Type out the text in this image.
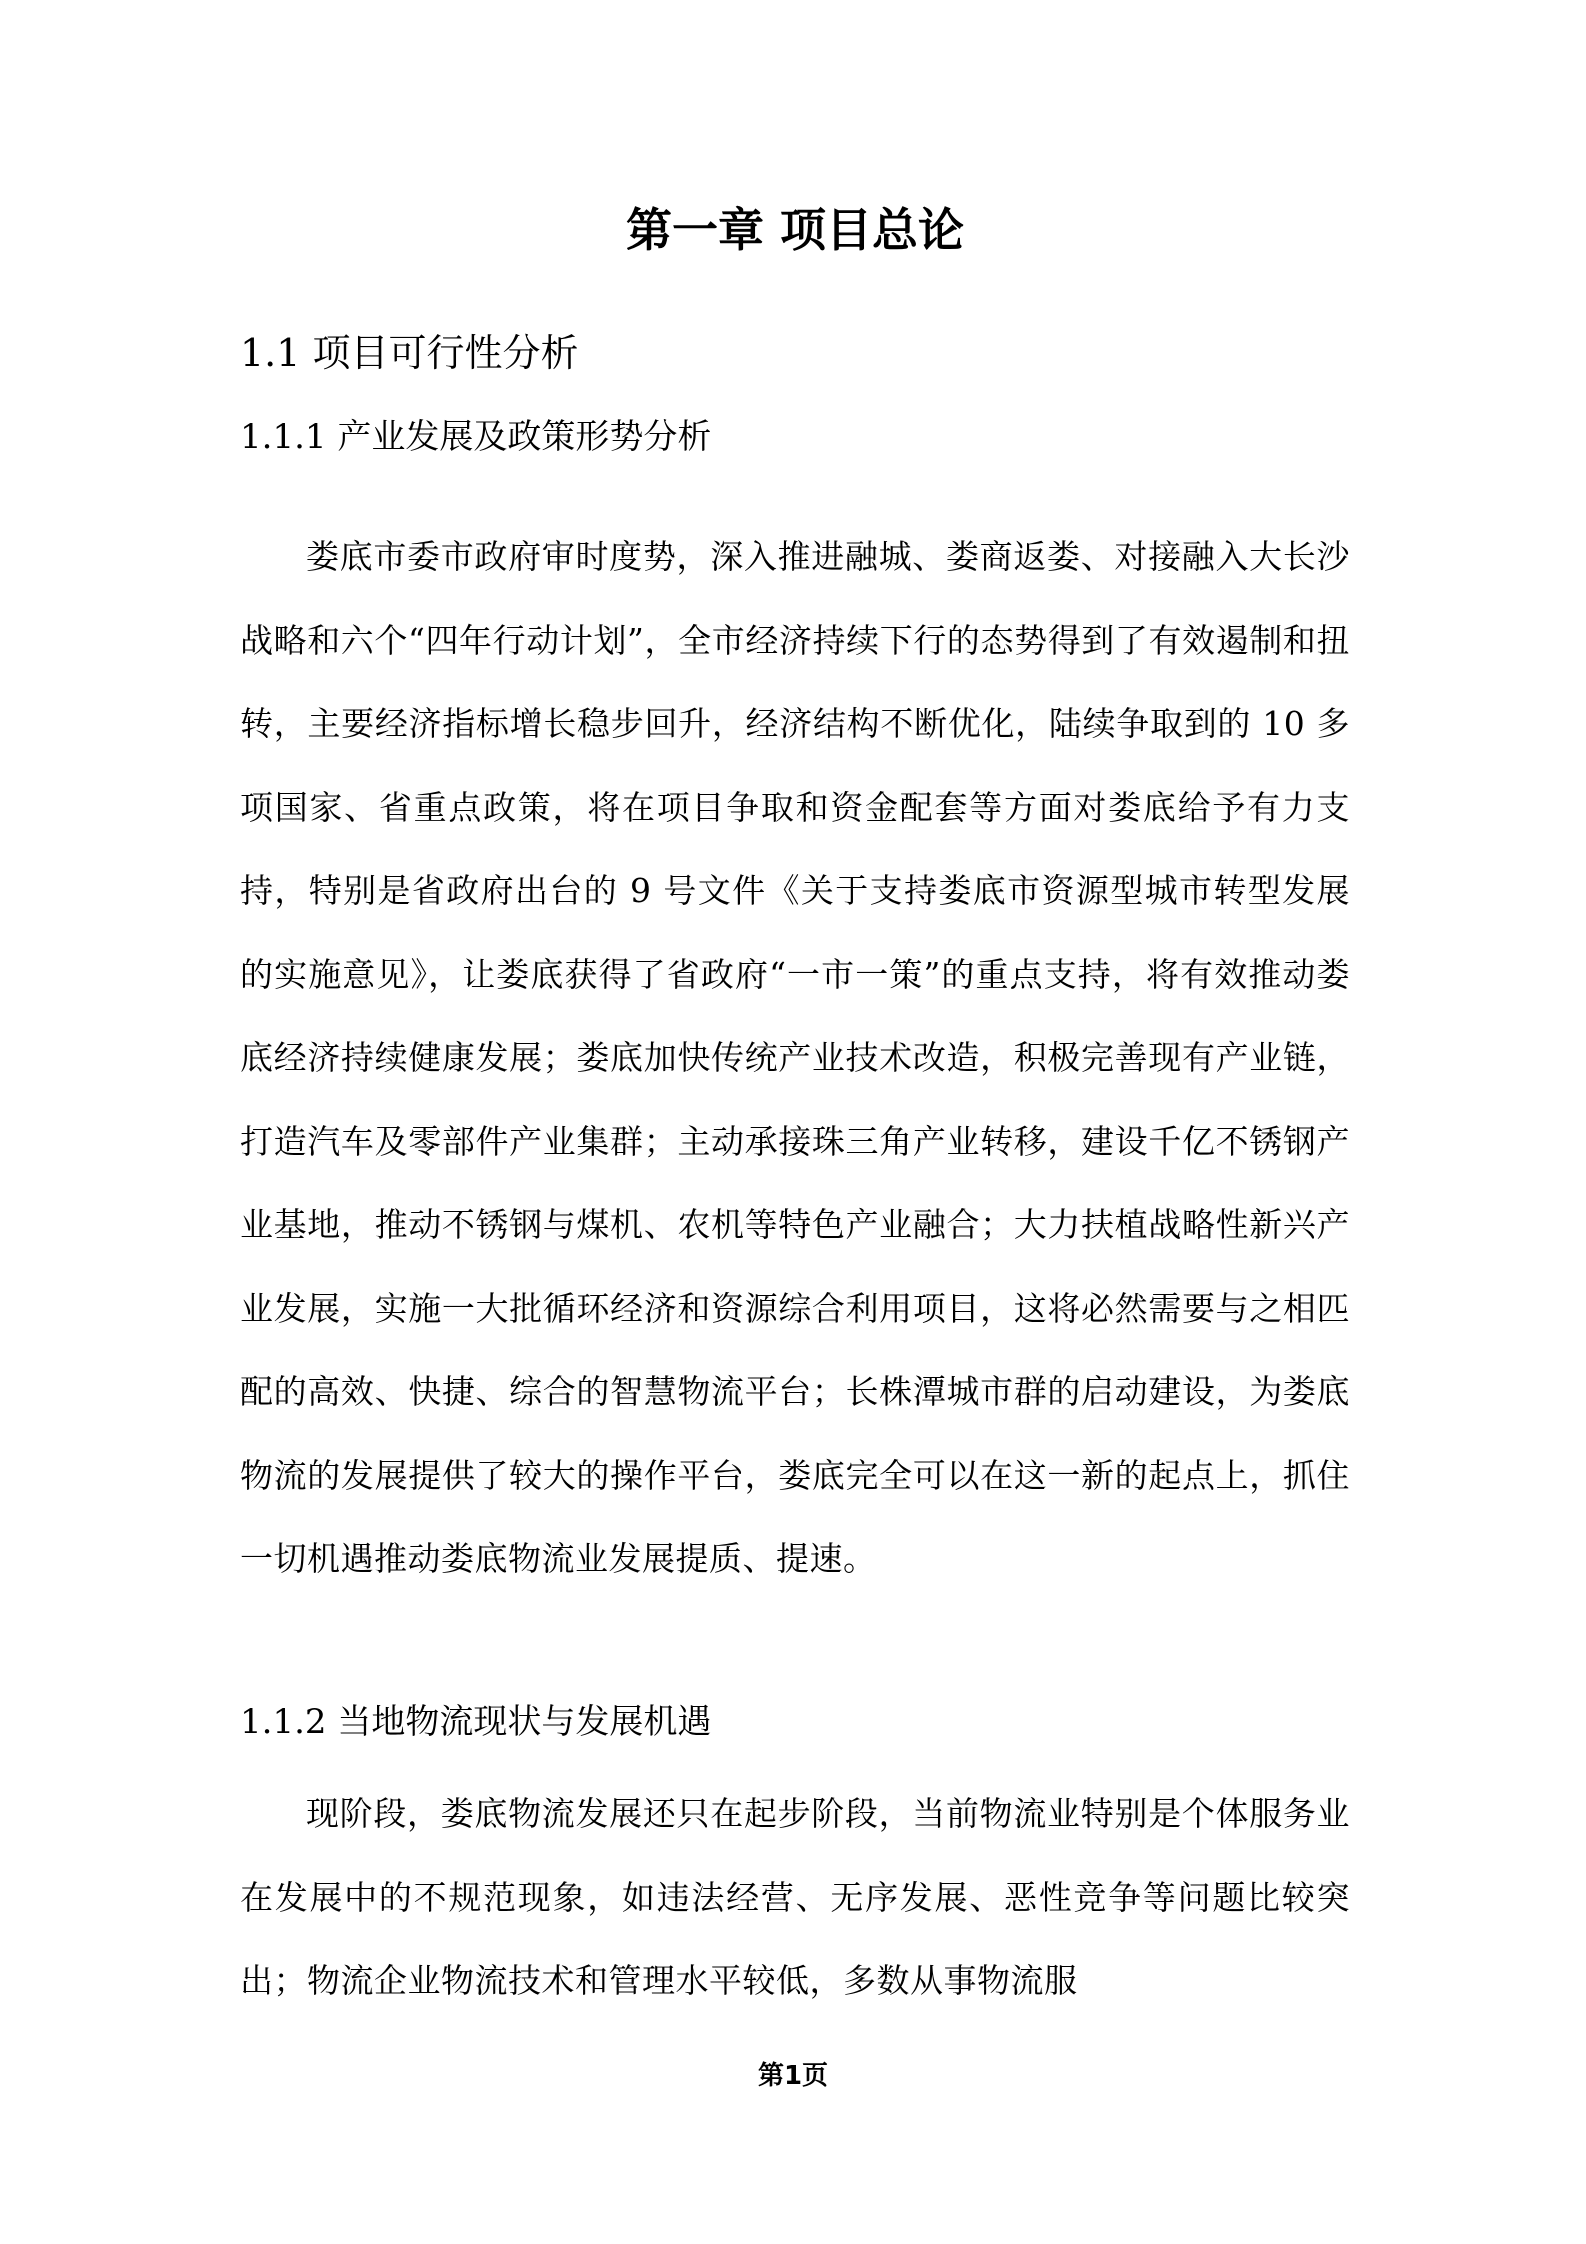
第一章 项目总论
1.1 项目可行性分析
1.1.1 产业发展及政策形势分析

娄底市委市政府审时度势，深入推进融城、娄商返娄、对接融入大长沙战略和六个“四年行动计划”，全市经济持续下行的态势得到了有效遏制和扭转，主要经济指标增长稳步回升，经济结构不断优化，陆续争取到的 10 多项国家、省重点政策，将在项目争取和资金配套等方面对娄底给予有力支持，特别是省政府出台的 9 号文件《关于支持娄底市资源型城市转型发展的实施意见》，让娄底获得了省政府“一市一策”的重点支持，将有效推动娄底经济持续健康发展；娄底加快传统产业技术改造，积极完善现有产业链，打造汽车及零部件产业集群；主动承接珠三角产业转移，建设千亿不锈钢产业基地，推动不锈钢与煤机、农机等特色产业融合；大力扶植战略性新兴产业发展，实施一大批循环经济和资源综合利用项目，这将必然需要与之相匹配的高效、快捷、综合的智慧物流平台；长株潭城市群的启动建设，为娄底物流的发展提供了较大的操作平台，娄底完全可以在这一新的起点上，抓住一切机遇推动娄底物流业发展提质、提速。

1.1.2 当地物流现状与发展机遇

现阶段，娄底物流发展还只在起步阶段，当前物流业特别是个体服务业在发展中的不规范现象，如违法经营、无序发展、恶性竞争等问题比较突出；物流企业物流技术和管理水平较低，多数从事物流服

第1页
